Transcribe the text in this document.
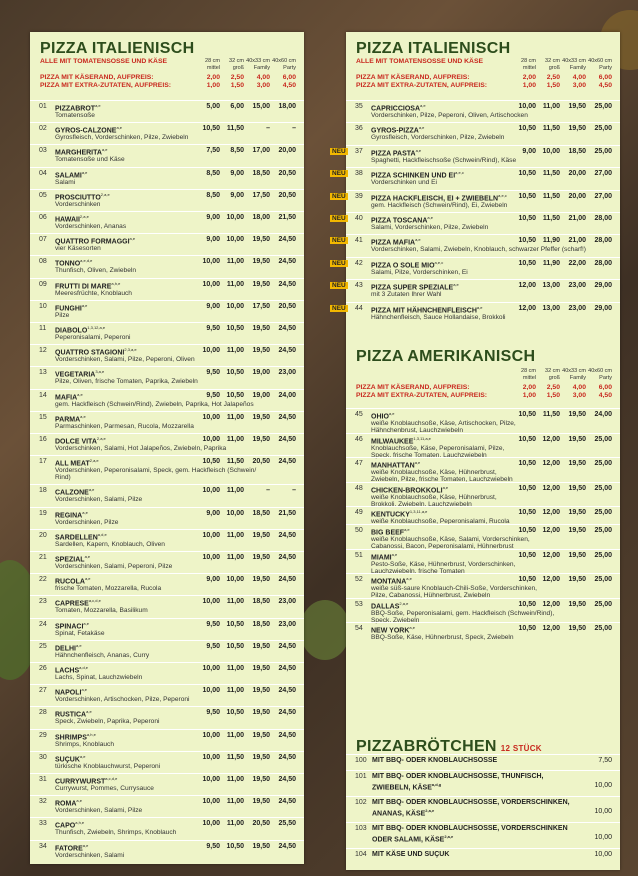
PIZZA ITALIENISCH
ALLE MIT TOMATENSOSSE UND KÄSE	28 cm
mittel
32 cm
groß
40x33 cm
Family
40x60 cm
Party
PIZZA MIT KÄSERAND, AUFPREIS:
PIZZA MIT EXTRA-ZUTATEN, AUFPREIS:
2,00	2,50	4,00	6,00
1,00	1,50	3,00	4,50
01 PIZZABROT$^{a,e}$
Tomatensoße
5,00	6,00	15,00	18,00
02 GYROS-CALZONE$^{a,e}$
Gyrosfleisch, Vorderschinken, Pilze, Zwiebeln
10,50 11,50	–	–
03 MARGHERITA$^{a,e}$
Tomatensoße und Käse
7,50	8,50	17,00	20,00
04 SALAMI$^{a,e}$
Salami
8,50	9,00	18,50	20,50
05 PROSCIUTTO$^{2,a,e}$
Vorderschinken
8,50	9,00	17,50	20,50
06 HAWAII$^{2,a,e}$
Vorderschinken, Ananas
9,00 10,00	18,00	21,50
07 QUATTRO FORMAGGI$^{a,e}$
vier Käsesorten
9,00 10,00	19,50	24,50
08 TONNO$^{a,e,d,e}$
Thunfisch, Oliven, Zwiebeln
10,00 11,00	19,50	24,50
09 FRUTTI DI MARE$^{a,h,e}$
Meeresfrüchte, Knoblauch
10,00 11,00	19,50	24,50
10 FUNGHI$^{a,e}$
Pilze
9,00 10,00	17,50	20,50
11 DIABOLO$^{1,3,12,a,e}$
Peperonisalami, Peperoni
9,50 10,50	19,50	24,50
12 QUATTRO STAGIONI$^{2,3,a,e}$
Vorderschinken, Salami, Pilze, Peperoni, Oliven
10,00 11,00	19,50	24,50
13 VEGETARIA$^{3,a,e}$
Pilze, Oliven, frische Tomaten, Paprika, Zwiebeln
9,50 10,50	19,00	23,00
14 MAFIA$^{a,e}$
gem. Hackfleisch (Schwein/Rind), Zwiebeln, Paprika, Hot Jalapeños
9,50 10,50	19,00	24,00
15 PARMA$^{a,e}$
Parmaschinken, Parmesan, Rucola, Mozzarella
10,00 11,00	19,50	24,50
16 DOLCE VITA$^{2,a,e}$
Vorderschinken, Salami, Hot Jalapeños, Zwiebeln, Paprika
10,00 11,00	19,50	24,50
17 ALL MEAT$^{2,a,e}$
Vorderschinken, Peperonisalami, Speck, gem. Hackfleisch (Schwein/
Rind)
10,50 11,50	20,50	24,50
18 CALZONE$^{a,e}$
Vorderschinken, Salami, Pilze
10,00 11,00	–	–
19 REGINA$^{a,e}$
Vorderschinken, Pilze
9,00 10,00	18,50	21,50
20 SARDELLEN$^{a,d,e}$
Sardellen, Kapern, Knoblauch, Oliven
10,00 11,00	19,50	24,50
21 SPEZIAL$^{a,e}$
Vorderschinken, Salami, Peperoni, Pilze
10,00 11,00	19,50	24,50
22 RUCOLA$^{a,e}$
frische Tomaten, Mozzarella, Rucola
9,00 10,00	19,50	24,50
23 CAPRESE$^{a,c,d,e}$
Tomaten, Mozzarella, Basilikum
10,00 11,00	18,50	23,00
24 SPINACI$^{a,e}$
Spinat, Fetakäse
9,50 10,50	18,50	23,00
25 DELHI$^{a,e}$
Hähnchenfleisch, Ananas, Curry
9,50 10,50	19,50	24,50
26 LACHS$^{a,d,e}$
Lachs, Spinat, Lauchzwiebeln
10,00 11,00	19,50	24,50
27 NAPOLI$^{a,e}$
Vorderschinken, Artischocken, Pilze, Peperoni
10,00 11,00	19,50	24,50
28 RUSTICA$^{a,e}$
Speck, Zwiebeln, Paprika, Peperoni
9,50 10,50	19,50	24,50
29 SHRIMPS$^{a,h,e}$
Shrimps, Knoblauch
10,00 11,00	19,50	24,50
30 SUÇUK$^{a,e}$
türkische Knoblauchwurst, Peperoni
10,00 11,50	19,50	24,50
31 CURRYWURST$^{a,c,d,e}$
Currywurst, Pommes, Currysauce
10,00 11,00	19,50	24,50
32 ROMA$^{a,e}$
Vorderschinken, Salami, Pilze
10,00 11,00	19,50	24,50
33 CAPO$^{a,h,e}$
Thunfisch, Zwiebeln, Shrimps, Knoblauch
10,00 11,00	20,50	25,50
34 FATORE$^{a,e}$
Vorderschinken, Salami
9,50 10,50	19,50	24,50
PIZZA ITALIENISCH
ALLE MIT TOMATENSOSSE UND KÄSE	28 cm
mittel
32 cm
groß
40x33 cm
Family
40x60 cm
Party
PIZZA MIT KÄSERAND, AUFPREIS:
PIZZA MIT EXTRA-ZUTATEN, AUFPREIS:
2,00	2,50	4,00	6,00
1,00	1,50	3,00	4,50
35 CAPRICCIOSA$^{a,e}$
Vorderschinken, Pilze, Peperoni, Oliven, Artischocken
10,00 11,00	19,50	25,00
36 GYROS-PIZZA$^{a,e}$
Gyrosfleisch, Vorderschinken, Pilze, Zwiebeln
10,50 11,50	19,50	25,00
NEU 37 PIZZA PASTA$^{a,e}$
Spaghetti, Hackfleischsoße (Schwein/Rind), Käse
9,00 10,00	18,50	25,00
NEU 38 PIZZA SCHINKEN UND EI$^{a,e,c}$
Vorderschinken und Ei
10,50 11,50	20,00	27,00
NEU 39 PIZZA HACKFLEISCH, EI + ZWIEBELN$^{a,e,c}$
gem. Hackfleisch (Schwein/Rind), Ei, Zwiebeln
10,50 11,50	20,00	27,00
NEU 40 PIZZA TOSCANA$^{a,e}$
Salami, Vorderschinken, Pilze, Zwiebeln
10,50 11,50	21,00	28,00
NEU 41 PIZZA MAFIA$^{a,e}$
Vorderschinken, Salami, Zwiebeln, Knoblauch, schwarzer Pfeffer (scharf!)
10,50 11,90	21,00	28,00
NEU 42 PIZZA O SOLE MIO$^{a,e,c}$
Salami, Pilze, Vorderschinken, Ei
10,50 11,90	22,00	28,00
NEU 43 PIZZA SUPER SPEZIALE$^{a,e}$
mit 3 Zutaten Ihrer Wahl
12,00 13,00	23,00	29,00
NEU 44 PIZZA MIT HÄHNCHENFLEISCH$^{a,e}$
Hähnchenfleisch, Sauce Hollandaise, Brokkoli
12,00 13,00	23,00	29,00
PIZZA AMERIKANISCH
28 cm
mittel
32 cm
groß
40x33 cm
Family
40x60 cm
Party
PIZZA MIT KÄSERAND, AUFPREIS:
PIZZA MIT EXTRA-ZUTATEN, AUFPREIS:
2,00	2,50	4,00	6,00
1,00	1,50	3,00	4,50
45 OHIO$^{a,e}$
weiße Knoblauchsoße, Käse, Artischocken, Pilze,
Hähnchenbrust, Lauchzwiebeln
10,50 11,50	19,50	24,00
46 MILWAUKEE$^{1,3,11,a,e}$
Knoblauchsoße, Käse, Peperonisalami, Pilze,
Speck, frische Tomaten, Lauchzwiebeln
10,50 12,00	19,50	25,00
47 MANHATTAN$^{a,e}$
weiße Knoblauchsoße, Käse, Hühnerbrust,
Zwiebeln, Pilze, frische Tomaten, Lauchzwiebeln
10,50 12,00	19,50	25,00
48 CHICKEN-BROKKOLI$^{a,e}$
weiße Knoblauchsoße, Käse, Hühnerbrust,
Brokkoli, Zwiebeln, Lauchzwiebeln
10,50 12,00	19,50	25,00
49 KENTUCKY$^{1,3,11,a,e}$
weiße Knoblauchsoße, Peperonisalami, Rucola
10,50 12,00	19,50	25,00
50 BIG BEEF$^{a,e}$
weiße Knoblauchsoße, Käse, Salami, Vorderschinken,
Cabanossi, Bacon, Peperonisalami, Hühnerbrust
10,50 12,00	19,50	25,00
51 MIAMI$^{a,e}$
Pesto-Soße, Käse, Hühnerbrust, Vorderschinken,
Lauchzwiebeln, frische Tomaten
10,50 12,00	19,50	25,00
52 MONTANA$^{a,e}$
weiße süß-saure Knoblauch-Chili-Soße, Vorderschinken,
Pilze, Cabanossi, Hühnerbrust, Zwiebeln
10,50 12,00	19,50	25,00
53 DALLAS$^{2,a,e}$
BBQ-Soße, Peperonisalami, gem. Hackfleisch (Schwein/Rind),
Speck, Zwiebeln
10,50 12,00	19,50	25,00
54 NEW YORK$^{a,e}$
BBQ-Soße, Käse, Hühnerbrust, Speck, Zwiebeln
10,50 12,00	19,50	25,00
PIZZABRÖTCHEN 12 STÜCK
100 MIT BBQ- ODER KNOBLAUCHSOSSE	7,50
101 MIT BBQ- ODER KNOBLAUCHSOSSE, THUNFISCH,
ZWIEBELN, KÄSE$^{a,d,g}$	10,00
102 MIT BBQ- ODER KNOBLAUCHSOSSE, VORDERSCHINKEN,
ANANAS, KÄSE$^{2,a,e}$	10,00
103 MIT BBQ- ODER KNOBLAUCHSOSSE, VORDERSCHINKEN
ODER SALAMI, KÄSE$^{2,a,e}$	10,00
104 MIT KÄSE UND SUÇUK	10,00
